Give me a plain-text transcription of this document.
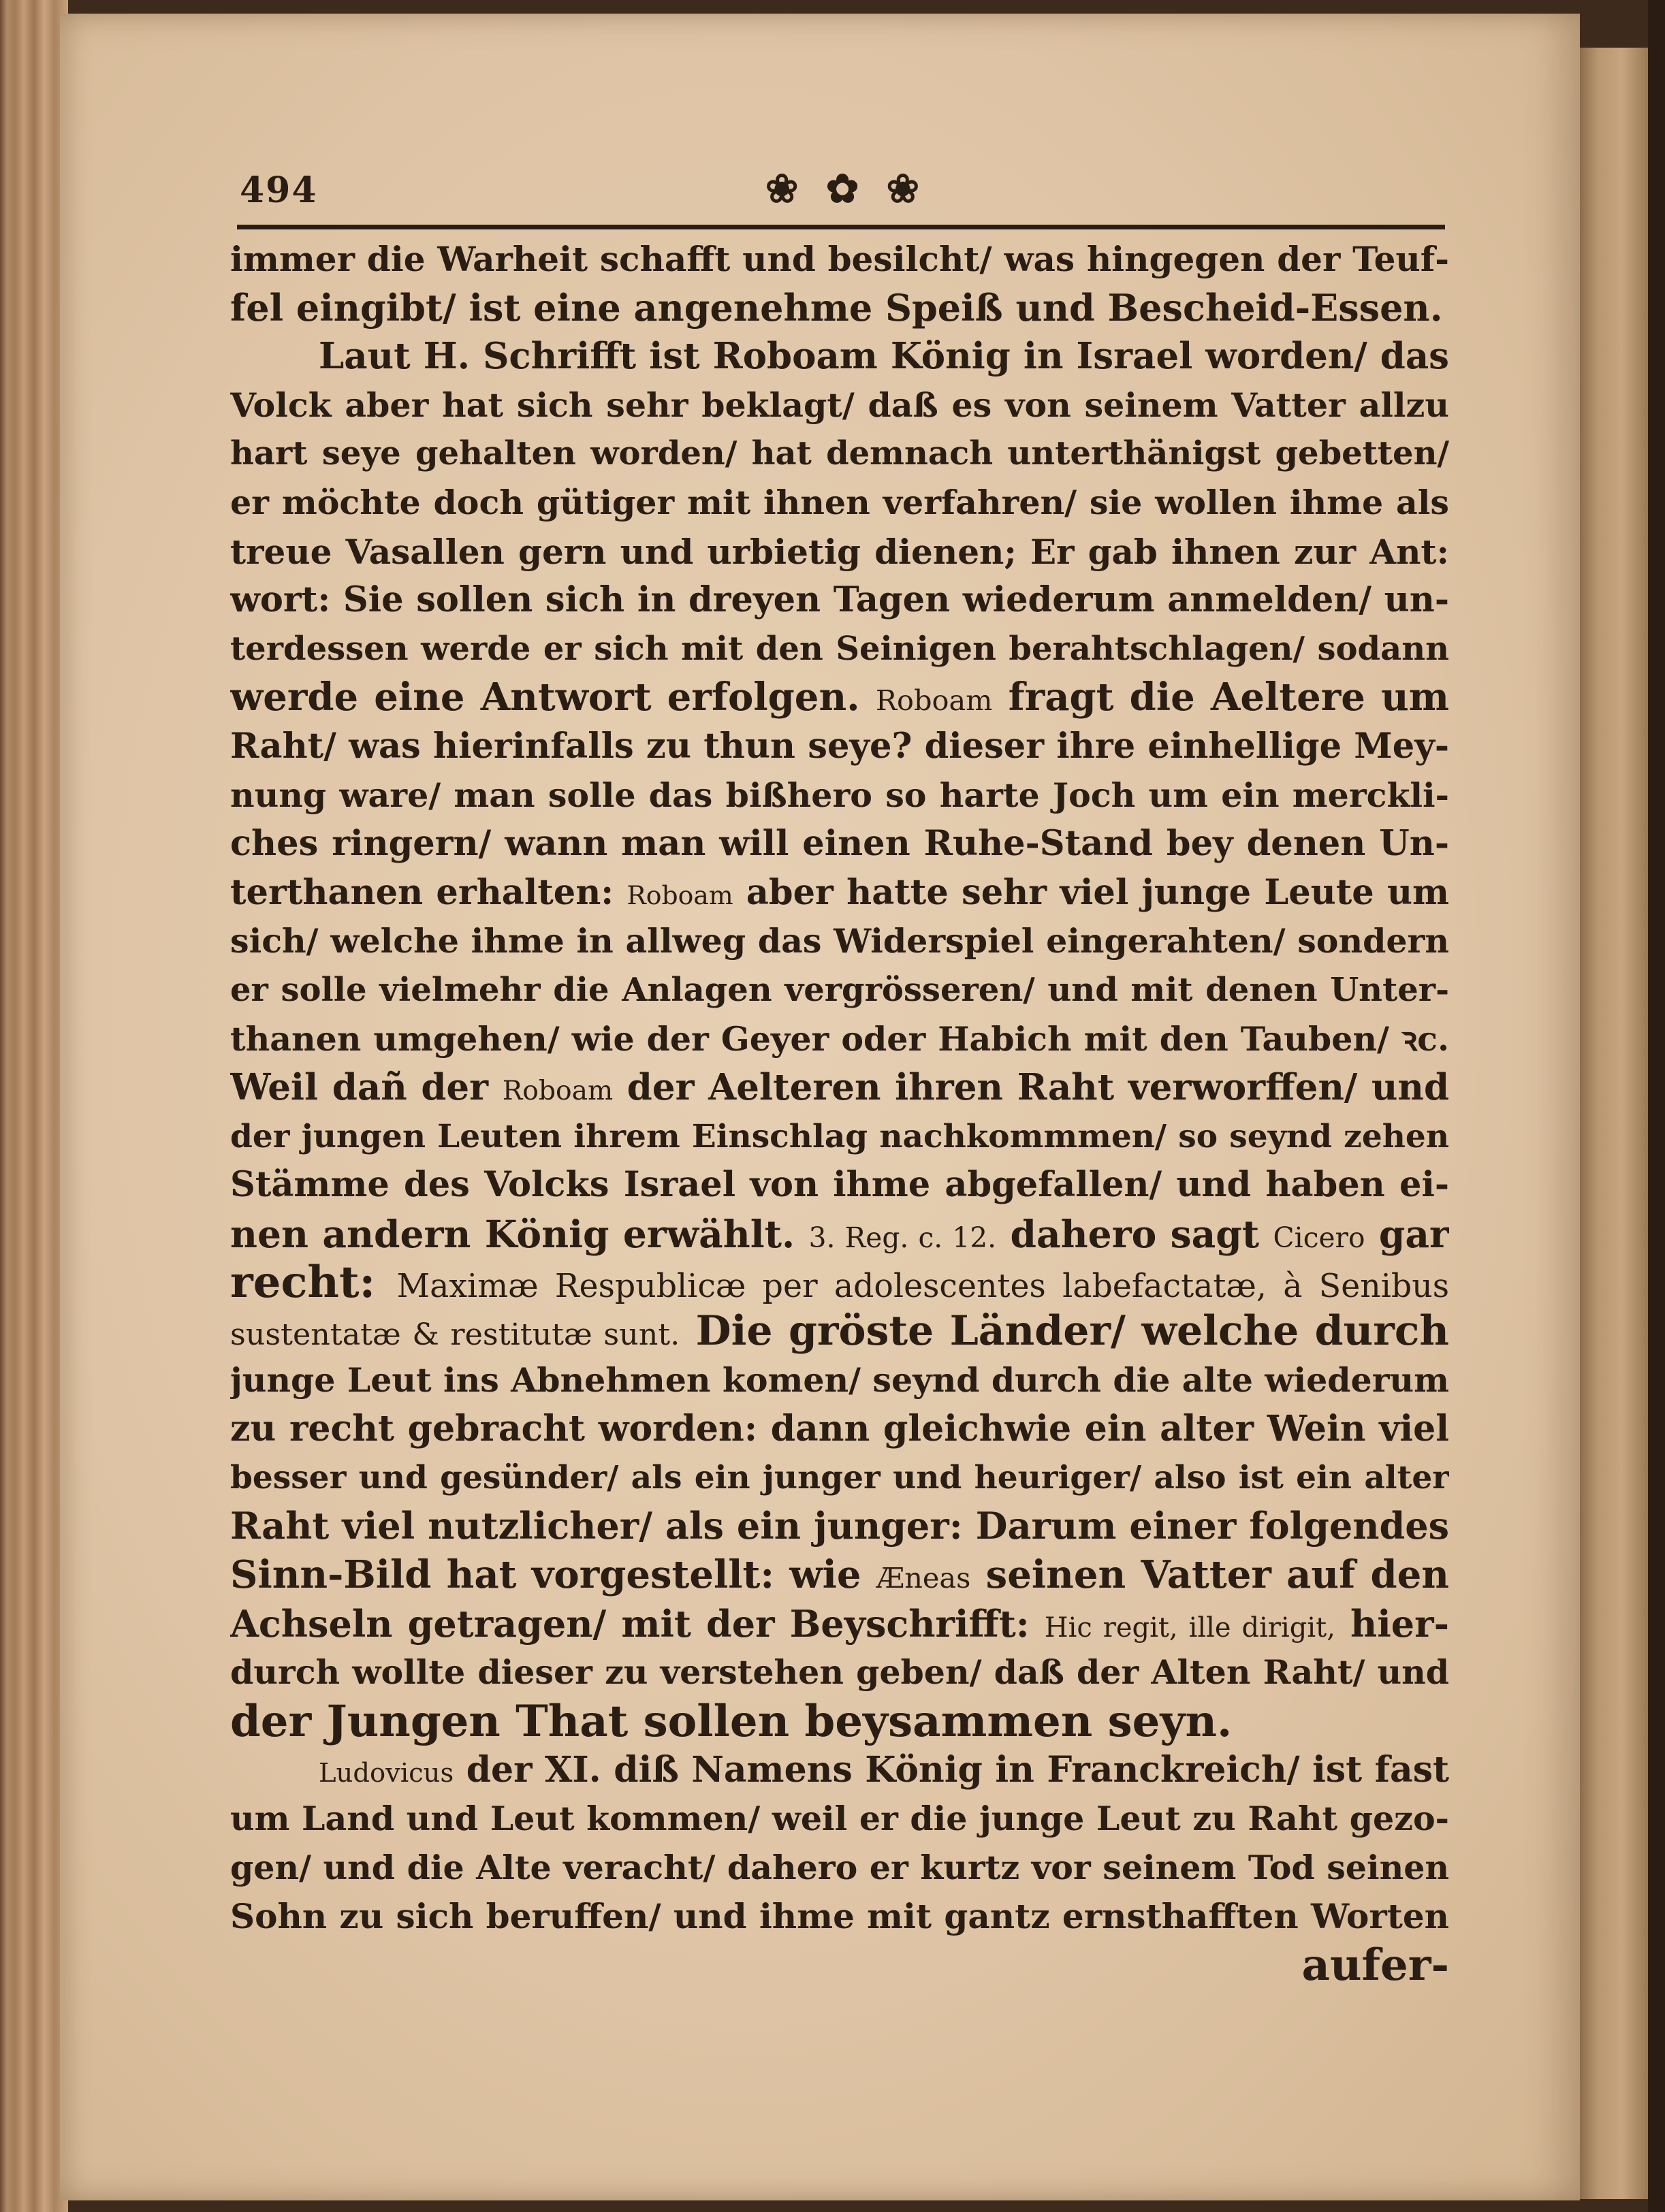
494	❀ ✿ ❀
immer die Warheit schafft und besilcht/ was hingegen der Teuf‑
fel eingibt/ ist eine angenehme Speiß und Bescheid‑Essen.
Laut H. Schrifft ist Roboam König in Israel worden/ das
Volck aber hat sich sehr beklagt/ daß es von seinem Vatter allzu
hart seye gehalten worden/ hat demnach unterthänigst gebetten/
er möchte doch gütiger mit ihnen verfahren/ sie wollen ihme als
treue Vasallen gern und urbietig dienen; Er gab ihnen zur Ant:
wort: Sie sollen sich in dreyen Tagen wiederum anmelden/ un‑
terdessen werde er sich mit den Seinigen berahtschlagen/ sodann
werde eine Antwort erfolgen. Roboam fragt die Aeltere um
Raht/ was hierinfalls zu thun seye? dieser ihre einhellige Mey‑
nung ware/ man solle das bißhero so harte Joch um ein merckli‑
ches ringern/ wann man will einen Ruhe‑Stand bey denen Un‑
terthanen erhalten: Roboam aber hatte sehr viel junge Leute um
sich/ welche ihme in allweg das Widerspiel eingerahten/ sondern
er solle vielmehr die Anlagen vergrösseren/ und mit denen Unter‑
thanen umgehen/ wie der Geyer oder Habich mit den Tauben/ ꝛc.
Weil dañ der Roboam der Aelteren ihren Raht verworffen/ und
der jungen Leuten ihrem Einschlag nachkommmen/ so seynd zehen
Stämme des Volcks Israel von ihme abgefallen/ und haben ei‑
nen andern König erwählt. 3. Reg. c. 12. dahero sagt Cicero gar
recht: Maximæ Respublicæ per adolescentes labefactatæ, à Senibus
sustentatæ & restitutæ sunt. Die gröste Länder/ welche durch
junge Leut ins Abnehmen komen/ seynd durch die alte wiederum
zu recht gebracht worden: dann gleichwie ein alter Wein viel
besser und gesünder/ als ein junger und heuriger/ also ist ein alter
Raht viel nutzlicher/ als ein junger: Darum einer folgendes
Sinn‑Bild hat vorgestellt: wie Æneas seinen Vatter auf den
Achseln getragen/ mit der Beyschrifft: Hic regit, ille dirigit, hier‑
durch wollte dieser zu verstehen geben/ daß der Alten Raht/ und
der Jungen That sollen beysammen seyn.
Ludovicus der XI. diß Namens König in Franckreich/ ist fast
um Land und Leut kommen/ weil er die junge Leut zu Raht gezo‑
gen/ und die Alte veracht/ dahero er kurtz vor seinem Tod seinen
Sohn zu sich beruffen/ und ihme mit gantz ernsthafften Worten
aufer‑
